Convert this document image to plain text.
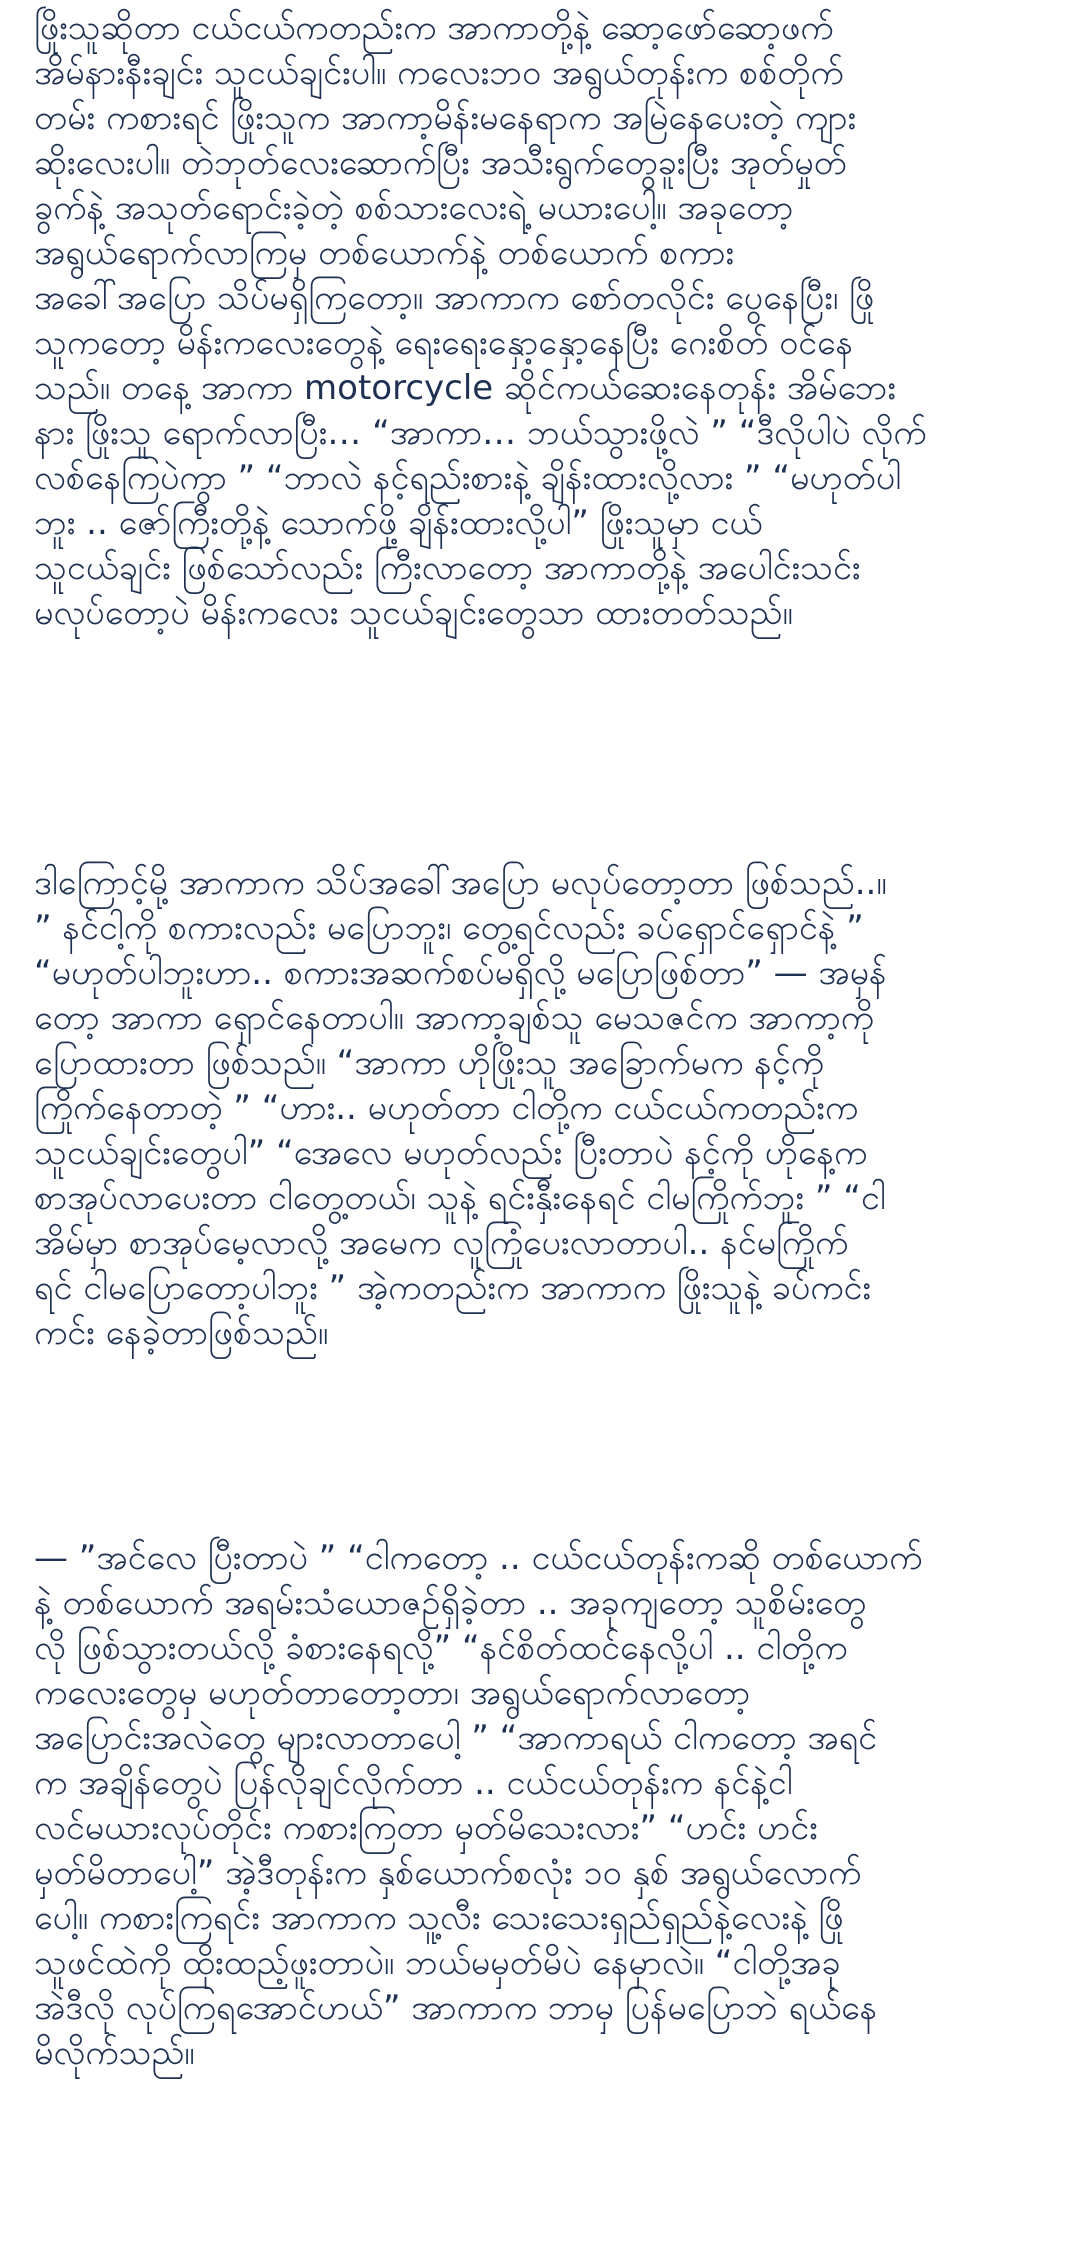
ဖြိုးသူဆိုတာ ငယ်ငယ်ကတည်းက အာကာတို့နဲ့ ဆော့ဖော်ဆော့ဖက်
အိမ်နားနီးချင်း သူငယ်ချင်းပါ။ ကလေးဘဝ အရွယ်တုန်းက စစ်တိုက်
တမ်း ကစားရင် ဖြိုးသူက အာကာ့မိန်းမနေရာက အမြဲနေပေးတဲ့ ကျား
ဆိုးလေးပါ။ တဲဘုတ်လေးဆောက်ပြီး အသီးရွက်တွေခူးပြီး အုတ်မှုတ်
ခွက်နဲ့ အသုတ်ရောင်းခဲ့တဲ့ စစ်သားလေးရဲ့ မယားပေါ့။ အခုတော့
အရွယ်ရောက်လာကြမှ တစ်ယောက်နဲ့ တစ်ယောက် စကား
အခေါ်အပြော သိပ်မရှိကြတော့။ အာကာက စော်တလိုင်း ပွေနေပြီး၊ ဖြို
သူကတော့ မိန်းကလေးတွေနဲ့ ရေးရေးနှော့နှော့နေပြီး ဂေးစိတ် ဝင်နေ
သည်။ တနေ့ အာကာ motorcycle ဆိုင်ကယ်ဆေးနေတုန်း အိမ်ဘေး
နား ဖြိုးသူ ရောက်လာပြီး… “အာကာ… ဘယ်သွားဖို့လဲ ” “ဒီလိုပါပဲ လိုက်
လစ်နေကြပဲကွာ ” “ဘာလဲ နင့်ရည်းစားနဲ့ ချိန်းထားလို့လား ” “မဟုတ်ပါ
ဘူး .. ဇော်ကြီးတို့နဲ့ သောက်ဖို့ ချိန်းထားလို့ပါ” ဖြိုးသူမှာ ငယ်
သူငယ်ချင်း ဖြစ်သော်လည်း ကြီးလာတော့ အာကာတို့နဲ့ အပေါင်းသင်း
မလုပ်တော့ပဲ မိန်းကလေး သူငယ်ချင်းတွေသာ ထားတတ်သည်။

ဒါကြောင့်မို့ အာကာက သိပ်အခေါ်အပြော မလုပ်တော့တာ ဖြစ်သည်..။
” နင်ငါ့ကို စကားလည်း မပြောဘူး၊ တွေ့ရင်လည်း ခပ်ရှောင်ရှောင်နဲ့ ”
“မဟုတ်ပါဘူးဟာ.. စကားအဆက်စပ်မရှိလို့ မပြောဖြစ်တာ” — အမှန်
တော့ အာကာ ရှောင်နေတာပါ။ အာကာ့ချစ်သူ မေသဇင်က အာကာ့ကို
ပြောထားတာ ဖြစ်သည်။ “အာကာ ဟိုဖြိုးသူ အခြောက်မက နင့်ကို
ကြိုက်နေတာတဲ့ ” “ဟား.. မဟုတ်တာ ငါတို့က ငယ်ငယ်ကတည်းက
သူငယ်ချင်းတွေပါ” “အေလေ မဟုတ်လည်း ပြီးတာပဲ နင့်ကို ဟိုနေ့က
စာအုပ်လာပေးတာ ငါတွေ့တယ်၊ သူနဲ့ ရင်းနှီးနေရင် ငါမကြိုက်ဘူး ” “ငါ
အိမ်မှာ စာအုပ်မေ့လာလို့ အမေက လူကြုံပေးလာတာပါ.. နင်မကြိုက်
ရင် ငါမပြောတော့ပါဘူး ” အဲ့ကတည်းက အာကာက ဖြိုးသူနဲ့ ခပ်ကင်း
ကင်း နေခဲ့တာဖြစ်သည်။

— ”အင်လေ ပြီးတာပဲ ” “ငါကတော့ .. ငယ်ငယ်တုန်းကဆို တစ်ယောက်
နဲ့ တစ်ယောက် အရမ်းသံယောဇဉ်ရှိခဲ့တာ .. အခုကျတော့ သူစိမ်းတွေ
လို ဖြစ်သွားတယ်လို့ ခံစားနေရလို့” “နင်စိတ်ထင်နေလို့ပါ .. ငါတို့က
ကလေးတွေမှ မဟုတ်တာတော့တာ၊ အရွယ်ရောက်လာတော့
အပြောင်းအလဲတွေ များလာတာပေါ့ ” “အာကာရယ် ငါကတော့ အရင်
က အချိန်တွေပဲ ပြန်လိုချင်လိုက်တာ .. ငယ်ငယ်တုန်းက နင်နဲ့ငါ
လင်မယားလုပ်တိုင်း ကစားကြတာ မှတ်မိသေးလား” “ဟင်း ဟင်း
မှတ်မိတာပေါ့” အဲ့ဒီတုန်းက နှစ်ယောက်စလုံး ၁၀ နှစ် အရွယ်လောက်
ပေါ့။ ကစားကြရင်း အာကာက သူ့လီး သေးသေးရှည်ရှည်နဲ့လေးနဲ့ ဖြို
သူဖင်ထဲကို ထိုးထည့်ဖူးတာပဲ။ ဘယ်မမှတ်မိပဲ နေမှာလဲ။ “ငါတို့အခု
အဲဒီလို လုပ်ကြရအောင်ဟယ်” အာကာက ဘာမှ ပြန်မပြောဘဲ ရယ်နေ
မိလိုက်သည်။
